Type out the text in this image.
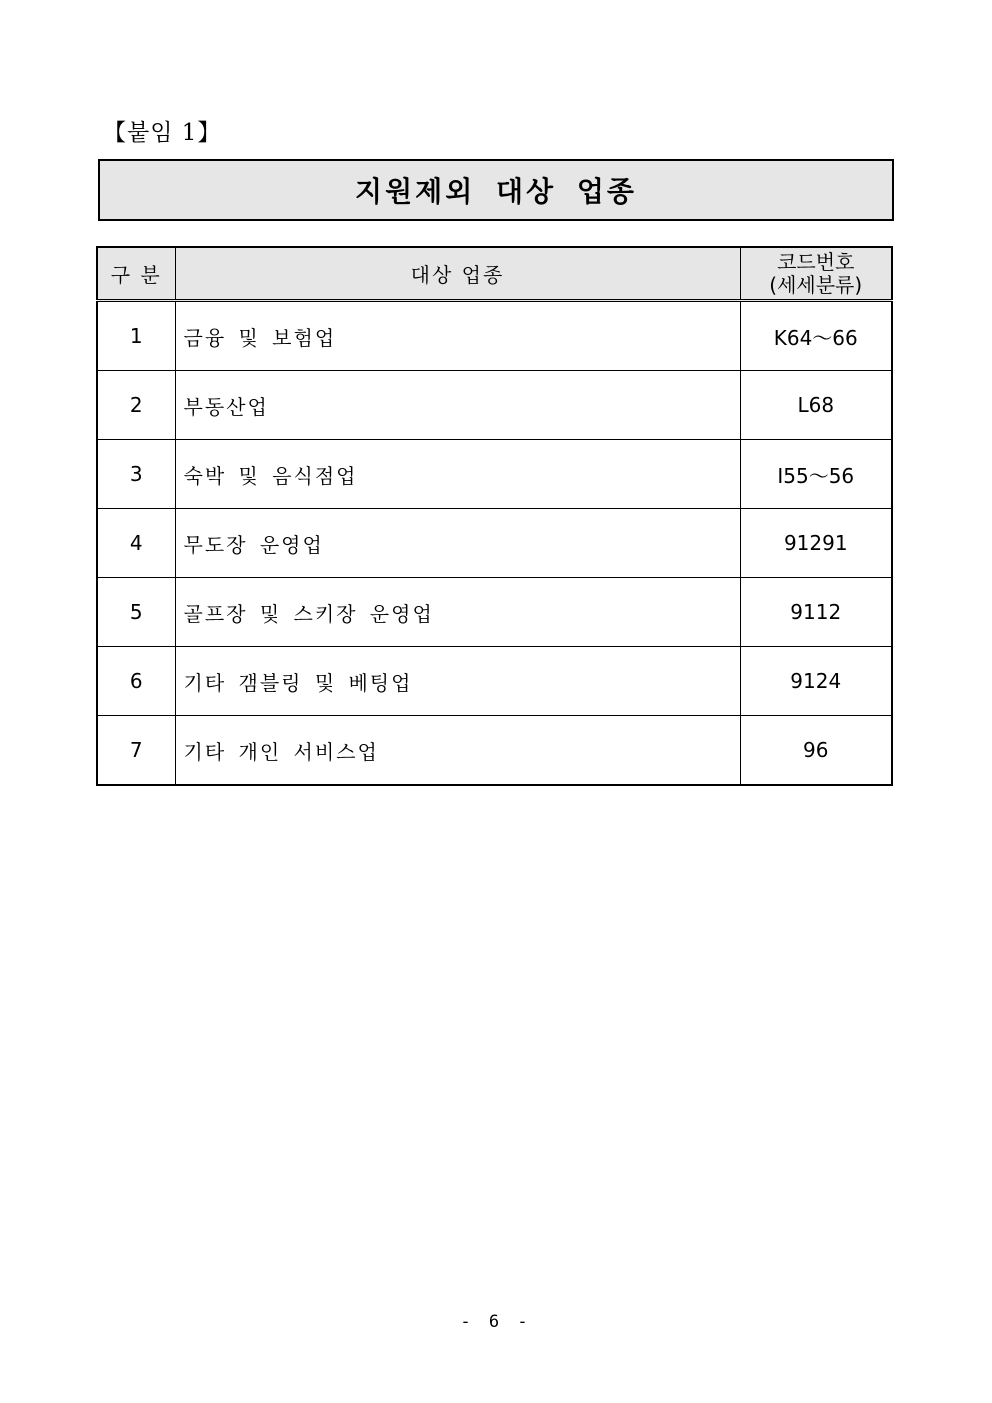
【붙임 1】
지원제외 대상 업종
구 분	대상 업종	코드번호
(세세분류)

1	금융 및 보험업	K64～66
2	부동산업	L68
3	숙박 및 음식점업	I55～56
4	무도장 운영업	91291
5	골프장 및 스키장 운영업	9112
6	기타 갬블링 및 베팅업	9124
7	기타 개인 서비스업	96
- 6 -
